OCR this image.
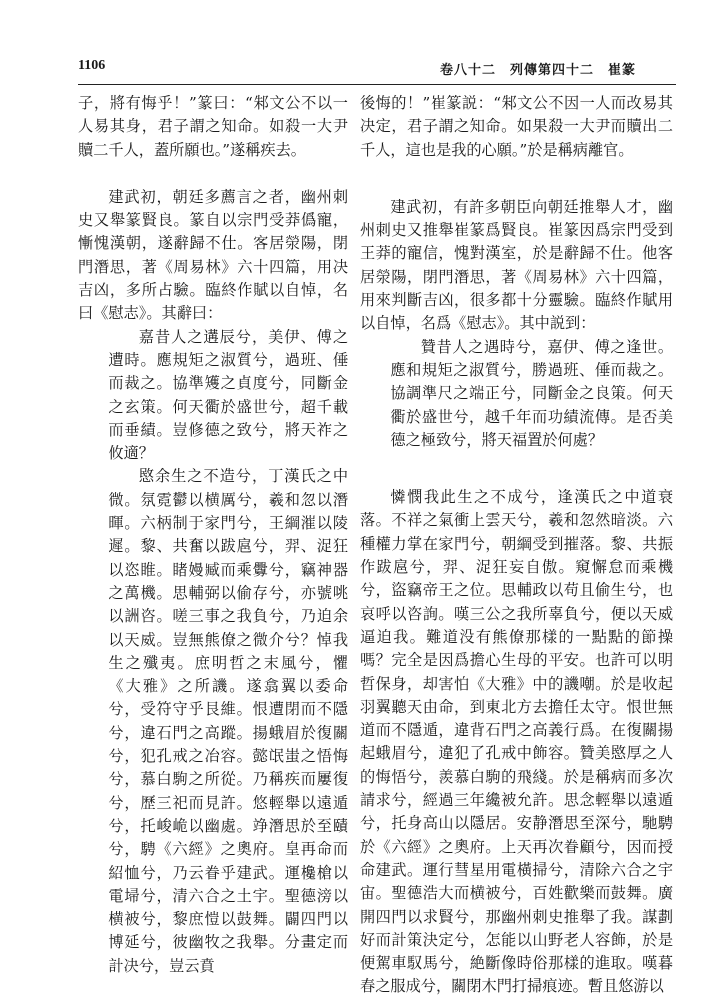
1106	卷八十二　列傳第四十二　崔篆

子，將有悔乎！”篆曰：“邾文公不以一人易其身，君子謂之知命。如殺一大尹贖二千人，蓋所願也。”遂稱疾去。

建武初，朝廷多薦言之者，幽州刺史又舉篆賢良。篆自以宗門受莽僞寵，慚愧漢朝，遂辭歸不仕。客居滎陽，閉門潛思，著《周易林》六十四篇，用决吉凶，多所占驗。臨終作賦以自悼，名曰《慰志》。其辭曰：

嘉昔人之遘辰兮，美伊、傅之遭時。應規矩之淑質兮，過班、倕而裁之。協準矱之貞度兮，同斷金之玄策。何天衢於盛世兮，超千載而垂績。豈修德之致兮，將天祚之攸適？

愍余生之不造兮，丁漢氏之中微。氛霓鬱以横厲兮，羲和忽以潛暉。六柄制于家門兮，王綱漼以陵遲。黎、共奮以跋扈兮，羿、浞狂以恣睢。睹嫚臧而乘釁兮，竊神器之萬機。思輔弼以偷存兮，亦號咷以詶咨。嗟三事之我負兮，乃迫余以天威。豈無熊僚之微介兮？悼我生之殲夷。庶明哲之末風兮，懼《大雅》之所譏。遂翕翼以委命兮，受符守乎艮維。恨遭閉而不隱兮，違石門之高蹤。揚蛾眉於復關兮，犯孔戒之冶容。懿氓蚩之悟悔兮，慕白駒之所從。乃稱疾而屢復兮，歷三祀而見許。悠輕舉以遠遁兮，托峻峗以幽處。竫潛思於至賾兮，騁《六經》之奧府。皇再命而紹恤兮，乃云眷乎建武。運欃槍以電埽兮，清六合之土宇。聖德滂以横被兮，黎庶愷以鼓舞。闢四門以博延兮，彼幽牧之我舉。分畫定而計决兮，豈云賁

後悔的！”崔篆説：“邾文公不因一人而改易其决定，君子謂之知命。如果殺一大尹而贖出二千人，這也是我的心願。”於是稱病離官。

建武初，有許多朝臣向朝廷推舉人才，幽州刺史又推舉崔篆爲賢良。崔篆因爲宗門受到王莽的寵信，愧對漢室，於是辭歸不仕。他客居滎陽，閉門潛思，著《周易林》六十四篇，用來判斷吉凶，很多都十分靈驗。臨終作賦用以自悼，名爲《慰志》。其中説到：

贊昔人之遇時兮，嘉伊、傅之逢世。應和規矩之淑質兮，勝過班、倕而裁之。協調準尺之端正兮，同斷金之良策。何天衢於盛世兮，越千年而功績流傳。是否美德之極致兮，將天福置於何處？

憐憫我此生之不成兮，逢漢氏之中道衰落。不祥之氣衝上雲天兮，羲和忽然暗淡。六種權力掌在家門兮，朝綱受到摧落。黎、共振作跋扈兮，羿、浞狂妄自傲。窺懈怠而乘機兮，盜竊帝王之位。思輔政以苟且偷生兮，也哀呼以咨詢。嘆三公之我所辜負兮，便以天威逼迫我。難道没有熊僚那樣的一點點的節操嗎？完全是因爲擔心生母的平安。也許可以明哲保身，却害怕《大雅》中的譏嘲。於是收起羽翼聽天由命，到東北方去擔任太守。恨世無道而不隱遁，違背石門之高義行爲。在復關揚起蛾眉兮，違犯了孔戒中飾容。贊美愍厚之人的悔悟兮，羨慕白駒的飛綫。於是稱病而多次請求兮，經過三年纔被允許。思念輕舉以遠遁兮，托身高山以隱居。安静潛思至深兮，馳騁於《六經》之奧府。上天再次眷顧兮，因而授命建武。運行彗星用電橫掃兮，清除六合之宇宙。聖德浩大而横被兮，百姓歡樂而鼓舞。廣開四門以求賢兮，那幽州刺史推舉了我。謀劃好而計策決定兮，怎能以山野老人容飾，於是便駕車馭馬兮，絶斷像時俗那樣的進取。嘆暮春之服成兮，關閉木門打掃痕迹。暫且悠游以
